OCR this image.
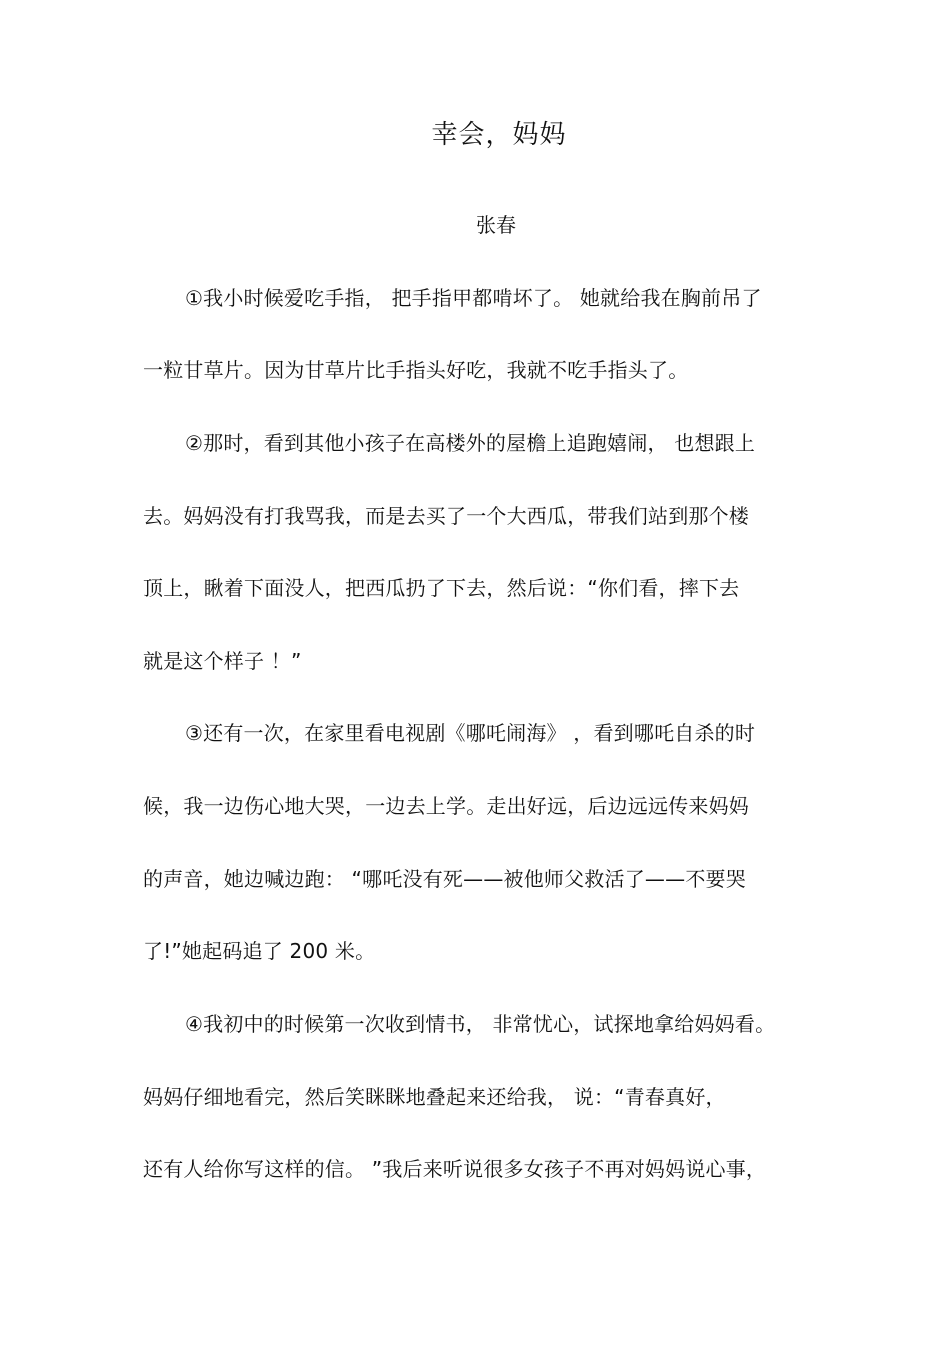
幸会，妈妈
张春
①我小时候爱吃手指， 把手指甲都啃坏了。 她就给我在胸前吊了
一粒甘草片。因为甘草片比手指头好吃，我就不吃手指头了。
②那时，看到其他小孩子在高楼外的屋檐上追跑嬉闹， 也想跟上
去。妈妈没有打我骂我，而是去买了一个大西瓜，带我们站到那个楼
顶上，瞅着下面没人，把西瓜扔了下去，然后说：“你们看，摔下去
就是这个样子 ！”
③还有一次，在家里看电视剧《哪吒闹海》 ，看到哪吒自杀的时
候，我一边伤心地大哭，一边去上学。走出好远，后边远远传来妈妈
的声音，她边喊边跑： “哪吒没有死——被他师父救活了——不要哭
了!”她起码追了 200 米。
④我初中的时候第一次收到情书， 非常忧心，试探地拿给妈妈看。
妈妈仔细地看完，然后笑眯眯地叠起来还给我， 说：“青春真好，
还有人给你写这样的信。 ”我后来听说很多女孩子不再对妈妈说心事，
